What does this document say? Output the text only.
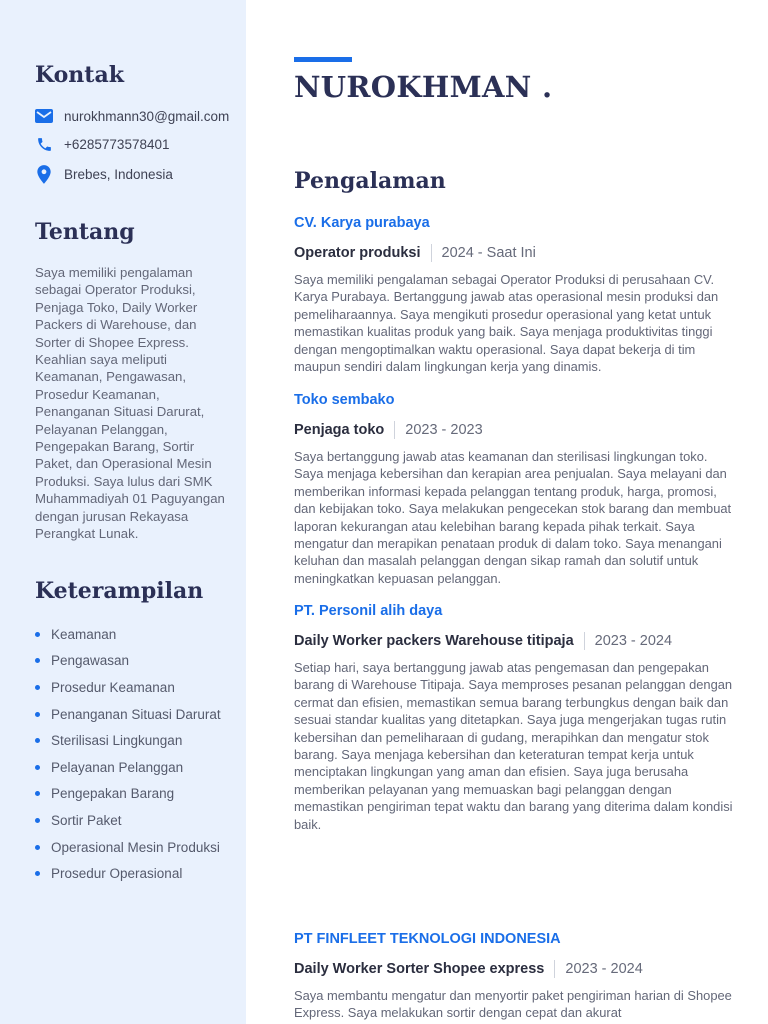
Kontak
nurokhmann30@gmail.com
+6285773578401
Brebes, Indonesia
Tentang

Saya memiliki pengalaman sebagai Operator Produksi, Penjaga Toko, Daily Worker Packers di Warehouse, dan Sorter di Shopee Express. Keahlian saya meliputi Keamanan, Pengawasan, Prosedur Keamanan, Penanganan Situasi Darurat, Pelayanan Pelanggan, Pengepakan Barang, Sortir Paket, dan Operasional Mesin Produksi. Saya lulus dari SMK Muhammadiyah 01 Paguyangan dengan jurusan Rekayasa Perangkat Lunak.

Keterampilan
Keamanan
Pengawasan
Prosedur Keamanan
Penanganan Situasi Darurat
Sterilisasi Lingkungan
Pelayanan Pelanggan
Pengepakan Barang
Sortir Paket
Operasional Mesin Produksi
Prosedur Operasional
NUROKHMAN .
Pengalaman
CV. Karya purabaya
Operator produksi 2024 - Saat Ini

Saya memiliki pengalaman sebagai Operator Produksi di perusahaan CV. Karya Purabaya. Bertanggung jawab atas operasional mesin produksi dan pemeliharaannya. Saya mengikuti prosedur operasional yang ketat untuk memastikan kualitas produk yang baik. Saya menjaga produktivitas tinggi dengan mengoptimalkan waktu operasional. Saya dapat bekerja di tim maupun sendiri dalam lingkungan kerja yang dinamis.

Toko sembako
Penjaga toko 2023 - 2023

Saya bertanggung jawab atas keamanan dan sterilisasi lingkungan toko. Saya menjaga kebersihan dan kerapian area penjualan. Saya melayani dan memberikan informasi kepada pelanggan tentang produk, harga, promosi, dan kebijakan toko. Saya melakukan pengecekan stok barang dan membuat laporan kekurangan atau kelebihan barang kepada pihak terkait. Saya mengatur dan merapikan penataan produk di dalam toko. Saya menangani keluhan dan masalah pelanggan dengan sikap ramah dan solutif untuk meningkatkan kepuasan pelanggan.

PT. Personil alih daya
Daily Worker packers Warehouse titipaja 2023 - 2024

Setiap hari, saya bertanggung jawab atas pengemasan dan pengepakan barang di Warehouse Titipaja. Saya memproses pesanan pelanggan dengan cermat dan efisien, memastikan semua barang terbungkus dengan baik dan sesuai standar kualitas yang ditetapkan. Saya juga mengerjakan tugas rutin kebersihan dan pemeliharaan di gudang, merapihkan dan mengatur stok barang. Saya menjaga kebersihan dan keteraturan tempat kerja untuk menciptakan lingkungan yang aman dan efisien. Saya juga berusaha memberikan pelayanan yang memuaskan bagi pelanggan dengan memastikan pengiriman tepat waktu dan barang yang diterima dalam kondisi baik.

PT FINFLEET TEKNOLOGI INDONESIA
Daily Worker Sorter Shopee express 2023 - 2024

Saya membantu mengatur dan menyortir paket pengiriman harian di Shopee Express. Saya melakukan sortir dengan cepat dan akurat
